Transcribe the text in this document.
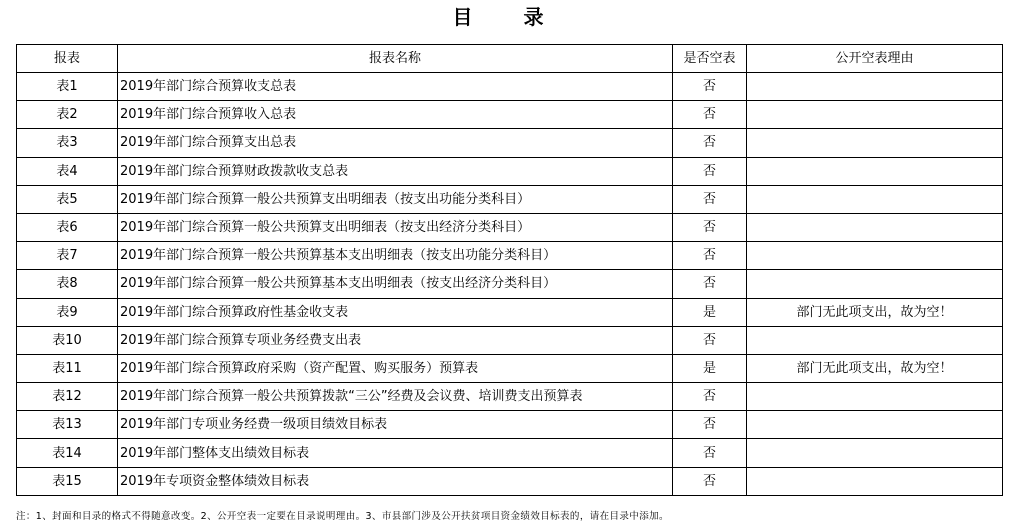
目 录
报表	报表名称	是否空表	公开空表理由
表1	2019年部门综合预算收支总表	否	
表2	2019年部门综合预算收入总表	否	
表3	2019年部门综合预算支出总表	否	
表4	2019年部门综合预算财政拨款收支总表	否	
表5	2019年部门综合预算一般公共预算支出明细表（按支出功能分类科目）	否	
表6	2019年部门综合预算一般公共预算支出明细表（按支出经济分类科目）	否	
表7	2019年部门综合预算一般公共预算基本支出明细表（按支出功能分类科目）	否	
表8	2019年部门综合预算一般公共预算基本支出明细表（按支出经济分类科目）	否	
表9	2019年部门综合预算政府性基金收支表	是	部门无此项支出，故为空！
表10	2019年部门综合预算专项业务经费支出表	否	
表11	2019年部门综合预算政府采购（资产配置、购买服务）预算表	是	部门无此项支出，故为空！
表12	2019年部门综合预算一般公共预算拨款“三公”经费及会议费、培训费支出预算表	否	
表13	2019年部门专项业务经费一级项目绩效目标表	否	
表14	2019年部门整体支出绩效目标表	否	
表15	2019年专项资金整体绩效目标表	否	
注：1、封面和目录的格式不得随意改变。2、公开空表一定要在目录说明理由。3、市县部门涉及公开扶贫项目资金绩效目标表的，请在目录中添加。
